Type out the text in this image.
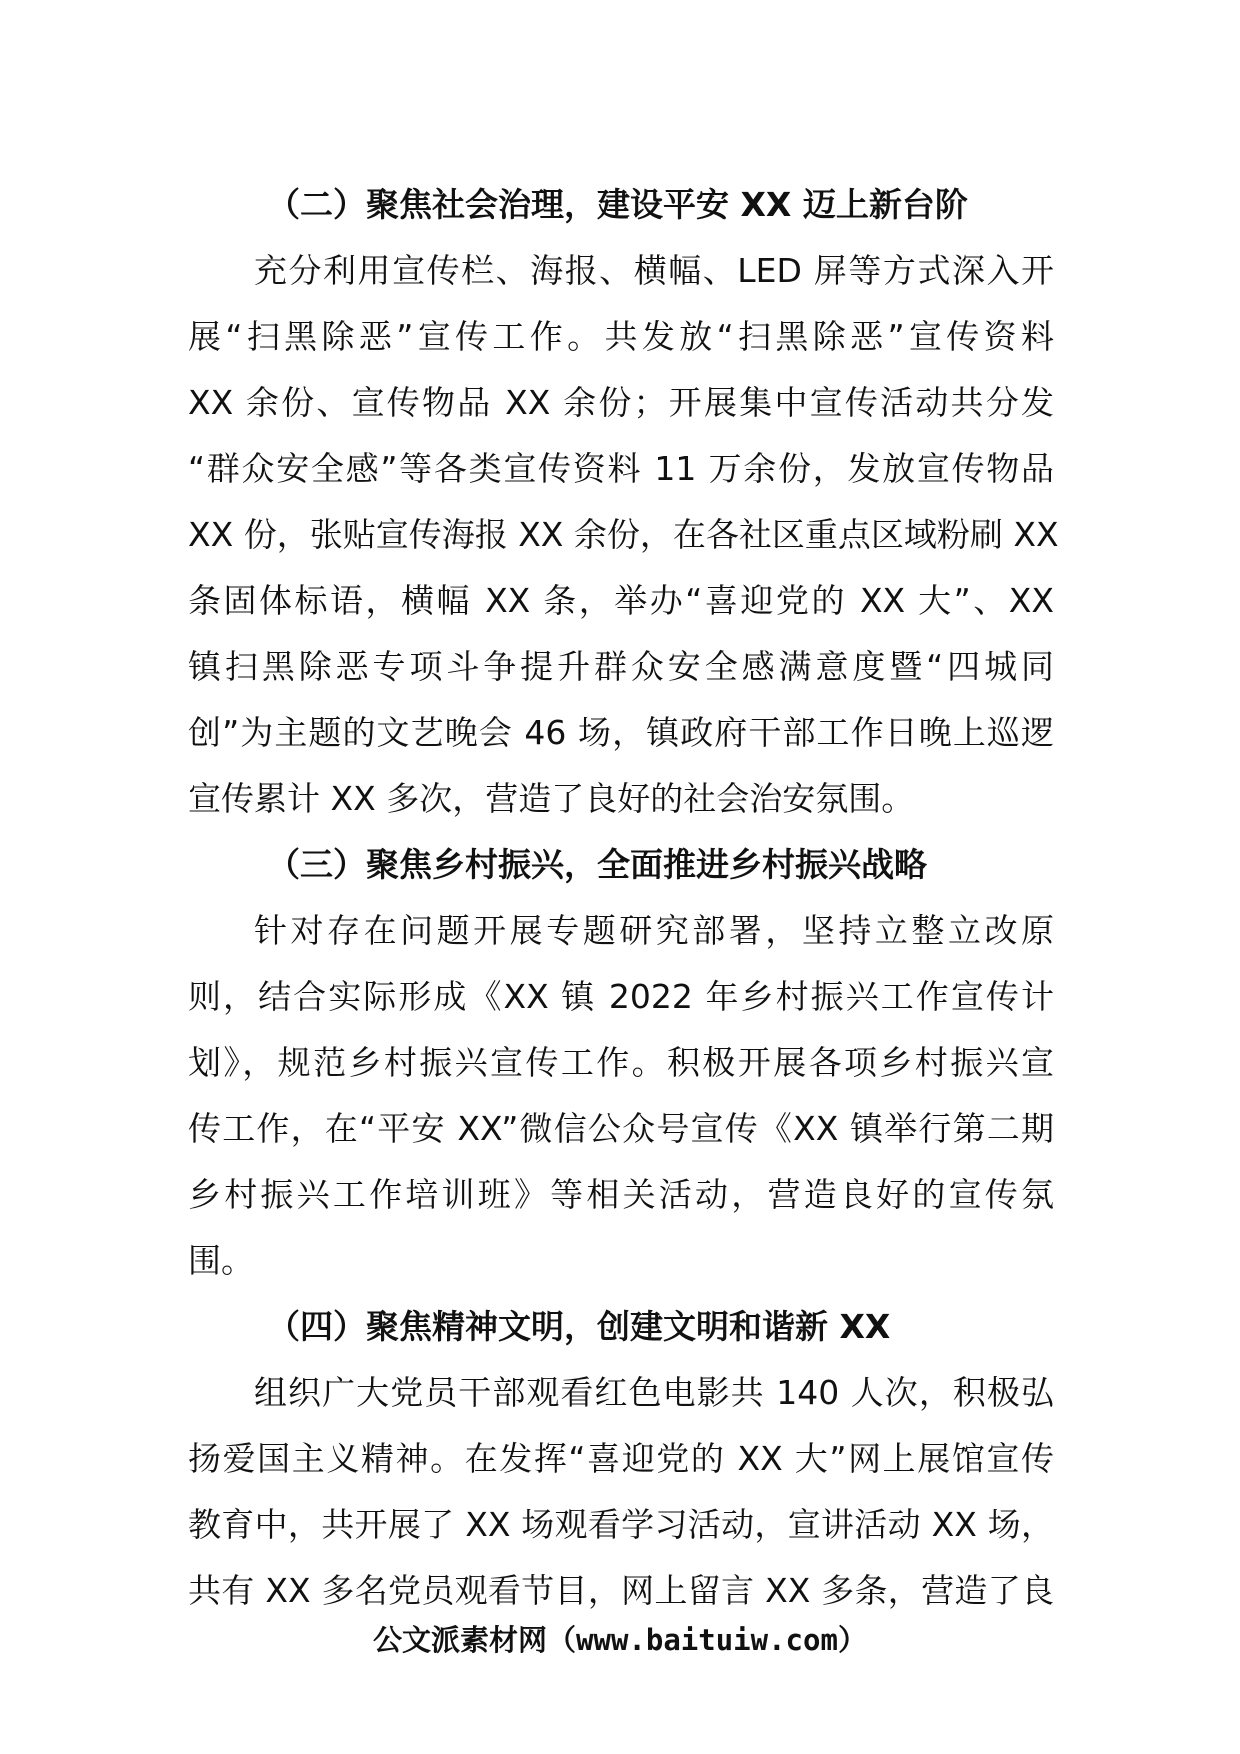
（二）聚焦社会治理，建设平安 XX 迈上新台阶
充分利用宣传栏、海报、横幅、LED 屏等方式深入开
展“扫黑除恶”宣传工作。共发放“扫黑除恶”宣传资料
XX 余份、宣传物品 XX 余份；开展集中宣传活动共分发
“群众安全感”等各类宣传资料 11 万余份，发放宣传物品
XX 份，张贴宣传海报 XX 余份，在各社区重点区域粉刷 XX
条固体标语，横幅 XX 条，举办“喜迎党的 XX 大”、XX
镇扫黑除恶专项斗争提升群众安全感满意度暨“四城同
创”为主题的文艺晚会 46 场，镇政府干部工作日晚上巡逻
宣传累计 XX 多次，营造了良好的社会治安氛围。
（三）聚焦乡村振兴，全面推进乡村振兴战略
针对存在问题开展专题研究部署，坚持立整立改原
则，结合实际形成《XX 镇 2022 年乡村振兴工作宣传计
划》，规范乡村振兴宣传工作。积极开展各项乡村振兴宣
传工作，在“平安 XX”微信公众号宣传《XX 镇举行第二期
乡村振兴工作培训班》等相关活动，营造良好的宣传氛
围。
（四）聚焦精神文明，创建文明和谐新 XX
组织广大党员干部观看红色电影共 140 人次，积极弘
扬爱国主义精神。在发挥“喜迎党的 XX 大”网上展馆宣传
教育中，共开展了 XX 场观看学习活动，宣讲活动 XX 场，
共有 XX 多名党员观看节目，网上留言 XX 多条，营造了良
公文派素材网（www.baituiw.com）
